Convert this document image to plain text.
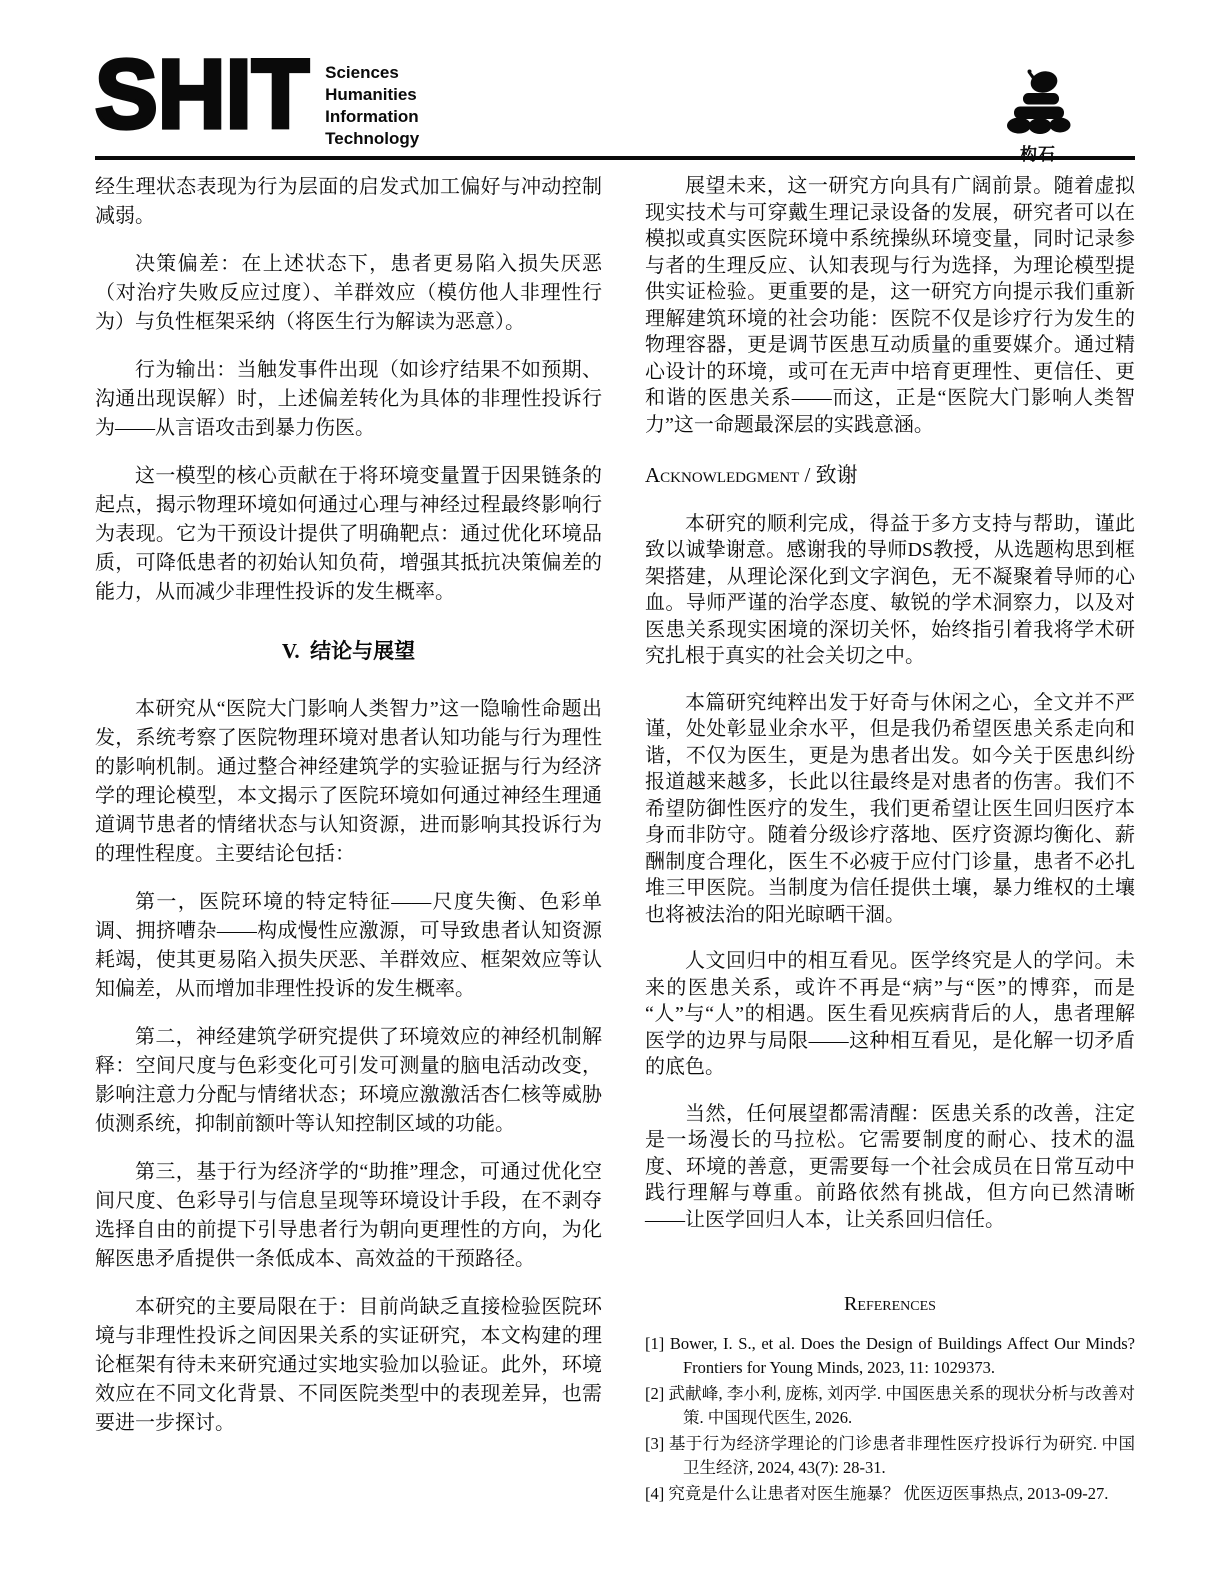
SHIT Sciences
Humanities
Information
Technology
构石

经生理状态表现为行为层面的启发式加工偏好与冲动控制减弱。

决策偏差：在上述状态下，患者更易陷入损失厌恶（对治疗失败反应过度）、羊群效应（模仿他人非理性行为）与负性框架采纳（将医生行为解读为恶意）。

行为输出：当触发事件出现（如诊疗结果不如预期、沟通出现误解）时，上述偏差转化为具体的非理性投诉行为——从言语攻击到暴力伤医。

这一模型的核心贡献在于将环境变量置于因果链条的起点，揭示物理环境如何通过心理与神经过程最终影响行为表现。它为干预设计提供了明确靶点：通过优化环境品质，可降低患者的初始认知负荷，增强其抵抗决策偏差的能力，从而减少非理性投诉的发生概率。

V. 结论与展望

本研究从“医院大门影响人类智力”这一隐喻性命题出发，系统考察了医院物理环境对患者认知功能与行为理性的影响机制。通过整合神经建筑学的实验证据与行为经济学的理论模型，本文揭示了医院环境如何通过神经生理通道调节患者的情绪状态与认知资源，进而影响其投诉行为的理性程度。主要结论包括：

第一，医院环境的特定特征——尺度失衡、色彩单调、拥挤嘈杂——构成慢性应激源，可导致患者认知资源耗竭，使其更易陷入损失厌恶、羊群效应、框架效应等认知偏差，从而增加非理性投诉的发生概率。

第二，神经建筑学研究提供了环境效应的神经机制解释：空间尺度与色彩变化可引发可测量的脑电活动改变，影响注意力分配与情绪状态；环境应激激活杏仁核等威胁侦测系统，抑制前额叶等认知控制区域的功能。

第三，基于行为经济学的“助推”理念，可通过优化空间尺度、色彩导引与信息呈现等环境设计手段，在不剥夺选择自由的前提下引导患者行为朝向更理性的方向，为化解医患矛盾提供一条低成本、高效益的干预路径。

本研究的主要局限在于：目前尚缺乏直接检验医院环境与非理性投诉之间因果关系的实证研究，本文构建的理论框架有待未来研究通过实地实验加以验证。此外，环境效应在不同文化背景、不同医院类型中的表现差异，也需要进一步探讨。

展望未来，这一研究方向具有广阔前景。随着虚拟现实技术与可穿戴生理记录设备的发展，研究者可以在模拟或真实医院环境中系统操纵环境变量，同时记录参与者的生理反应、认知表现与行为选择，为理论模型提供实证检验。更重要的是，这一研究方向提示我们重新理解建筑环境的社会功能：医院不仅是诊疗行为发生的物理容器，更是调节医患互动质量的重要媒介。通过精心设计的环境，或可在无声中培育更理性、更信任、更和谐的医患关系——而这，正是“医院大门影响人类智力”这一命题最深层的实践意涵。

Acknowledgment / 致谢

本研究的顺利完成，得益于多方支持与帮助，谨此致以诚挚谢意。感谢我的导师DS教授，从选题构思到框架搭建，从理论深化到文字润色，无不凝聚着导师的心血。导师严谨的治学态度、敏锐的学术洞察力，以及对医患关系现实困境的深切关怀，始终指引着我将学术研究扎根于真实的社会关切之中。

本篇研究纯粹出发于好奇与休闲之心，全文并不严谨，处处彰显业余水平，但是我仍希望医患关系走向和谐，不仅为医生，更是为患者出发。如今关于医患纠纷报道越来越多，长此以往最终是对患者的伤害。我们不希望防御性医疗的发生，我们更希望让医生回归医疗本身而非防守。随着分级诊疗落地、医疗资源均衡化、薪酬制度合理化，医生不必疲于应付门诊量，患者不必扎堆三甲医院。当制度为信任提供土壤，暴力维权的土壤也将被法治的阳光晾晒干涸。

人文回归中的相互看见。医学终究是人的学问。未来的医患关系，或许不再是“病”与“医”的博弈，而是“人”与“人”的相遇。医生看见疾病背后的人，患者理解医学的边界与局限——这种相互看见，是化解一切矛盾的底色。

当然，任何展望都需清醒：医患关系的改善，注定是一场漫长的马拉松。它需要制度的耐心、技术的温度、环境的善意，更需要每一个社会成员在日常互动中践行理解与尊重。前路依然有挑战，但方向已然清晰——让医学回归人本，让关系回归信任。

References

[1] Bower, I. S., et al. Does the Design of Buildings Affect Our Minds? Frontiers for Young Minds, 2023, 11: 1029373.

[2] 武献峰, 李小利, 庞栋, 刘丙学. 中国医患关系的现状分析与改善对策. 中国现代医生, 2026.

[3] 基于行为经济学理论的门诊患者非理性医疗投诉行为研究. 中国卫生经济, 2024, 43(7): 28-31.

[4] 究竟是什么让患者对医生施暴？ 优医迈医事热点, 2013-09-27.
